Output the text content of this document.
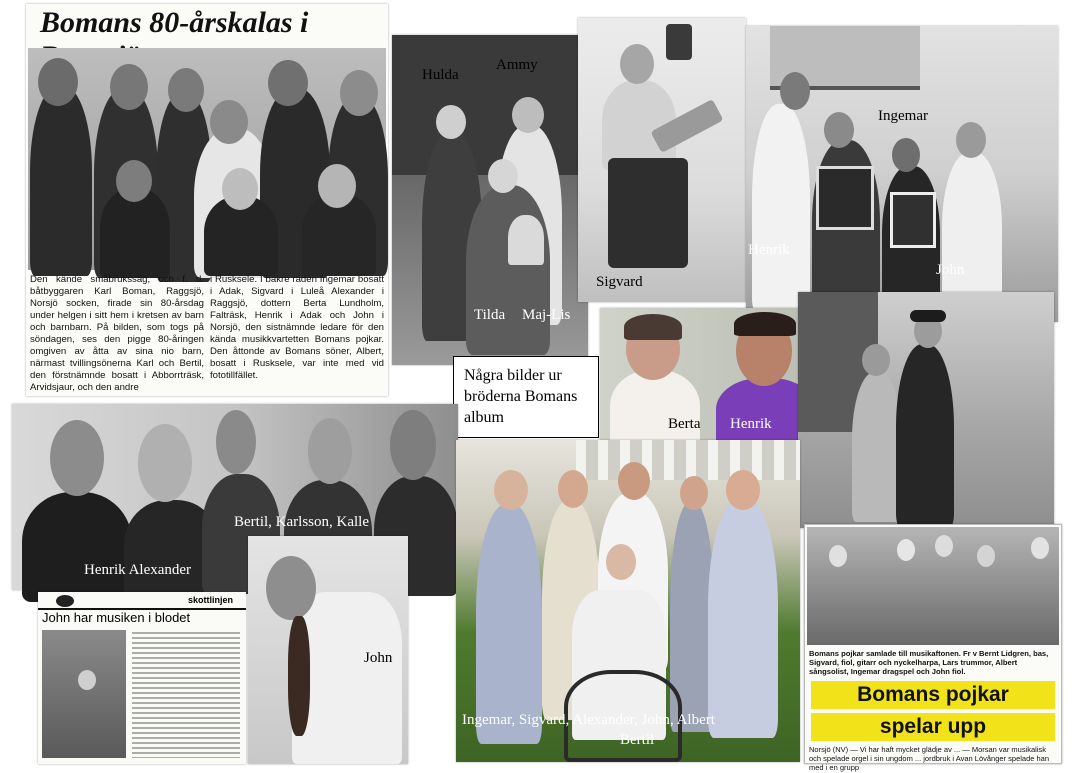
Bomans 80-årskalas i
Den kände småbrukssäg, och f. d. båtbyggaren Karl Boman, Raggsjö, Norsjö socken, firade sin 80-årsdag under helgen i sitt hem i kretsen av barn och barnbarn. På bilden, som togs på söndagen, ses den pigge 80-åringen omgiven av åtta av sina nio barn, närmast tvillingsönerna Karl och Bertil, den förstnämnde bosatt i Abborrträsk, Arvidsjaur, och den andre
i Rusksele. I bakre raden Ingemar bosatt i Adak, Sigvard i Luleå Alexander i Raggsjö, dottern Berta Lundholm, Falträsk, Henrik i Adak och John i Norsjö, den sistnämnde ledare för den kända musikkvartetten Bomans pojkar. Den åttonde av Bomans söner, Albert, bosatt i Rusksele, var inte med vid fototillfället.
Hulda
Ammy
Tilda Maj-Lis
Sigvard
Ingemar
Henrik
John
Några bilder ur bröderna Bomans album	Berta Henrik
Bertil, Karlsson, Kalle
Henrik Alexander
John
skottlinjen
John har musiken i blodet
Ingemar, Sigvard, Alexander, John, Albert
Bertil
Bomans pojkar samlade till musikaftonen. Fr v Bernt Lidgren, bas, Sigvard, fiol, gitarr och nyckelharpa, Lars trummor, Albert sångsolist, Ingemar dragspel och John fiol.
Bomans pojkar
spelar upp
Norsjö (NV) — Vi har haft mycket glädje av ... — Morsan var musikalisk och spelade orgel i sin ungdom ... jordbruk i Avan Lövånger spelade han med i en grupp
